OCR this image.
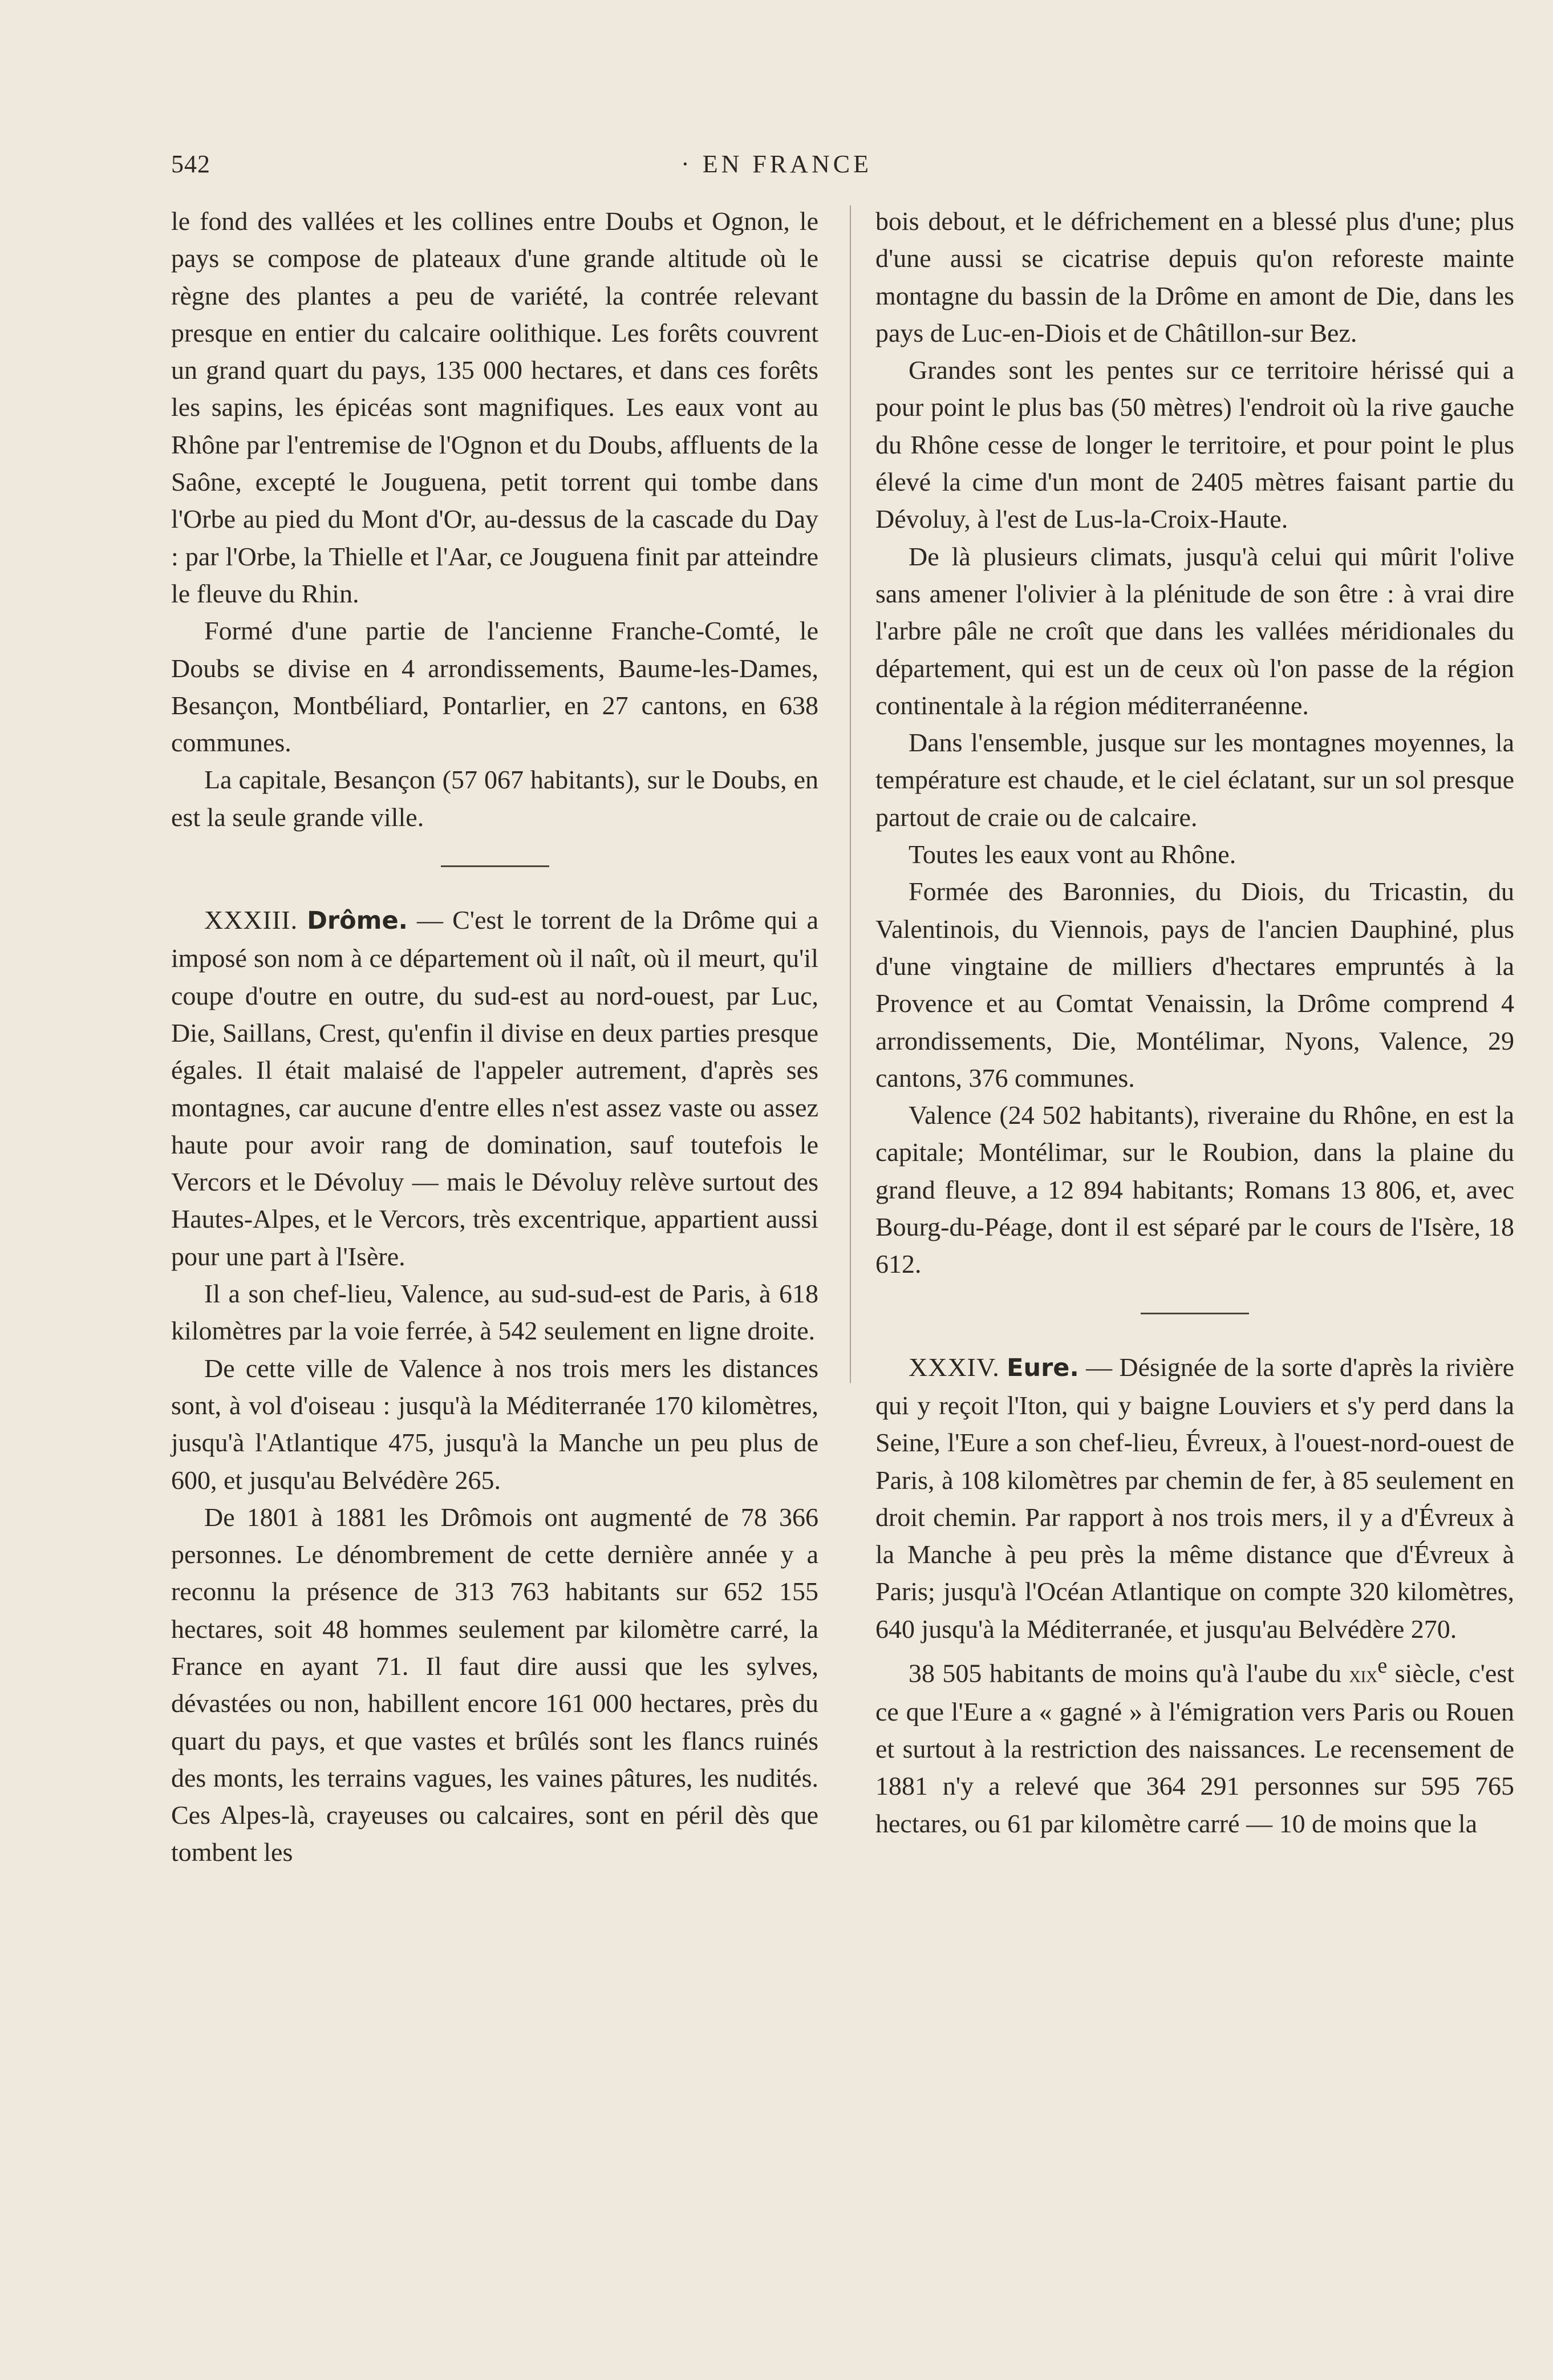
542	· EN FRANCE

le fond des vallées et les collines entre Doubs et Ognon, le pays se compose de plateaux d'une grande altitude où le règne des plantes a peu de variété, la contrée relevant presque en entier du calcaire oolithique. Les forêts couvrent un grand quart du pays, 135 000 hectares, et dans ces forêts les sapins, les épicéas sont magnifiques. Les eaux vont au Rhône par l'entremise de l'Ognon et du Doubs, affluents de la Saône, excepté le Jouguena, petit torrent qui tombe dans l'Orbe au pied du Mont d'Or, au-dessus de la cascade du Day : par l'Orbe, la Thielle et l'Aar, ce Jouguena finit par atteindre le fleuve du Rhin.

Formé d'une partie de l'ancienne Franche-Comté, le Doubs se divise en 4 arrondissements, Baume-les-Dames, Besançon, Montbéliard, Pontarlier, en 27 cantons, en 638 communes.

La capitale, Besançon (57 067 habitants), sur le Doubs, en est la seule grande ville.

XXXIII. Drôme. — C'est le torrent de la Drôme qui a imposé son nom à ce département où il naît, où il meurt, qu'il coupe d'outre en outre, du sud-est au nord-ouest, par Luc, Die, Saillans, Crest, qu'enfin il divise en deux parties presque égales. Il était malaisé de l'appeler autrement, d'après ses montagnes, car aucune d'entre elles n'est assez vaste ou assez haute pour avoir rang de domination, sauf toutefois le Vercors et le Dévoluy — mais le Dévoluy relève surtout des Hautes-Alpes, et le Vercors, très excentrique, appartient aussi pour une part à l'Isère.

Il a son chef-lieu, Valence, au sud-sud-est de Paris, à 618 kilomètres par la voie ferrée, à 542 seulement en ligne droite.

De cette ville de Valence à nos trois mers les distances sont, à vol d'oiseau : jusqu'à la Méditerranée 170 kilomètres, jusqu'à l'Atlantique 475, jusqu'à la Manche un peu plus de 600, et jusqu'au Belvédère 265.

De 1801 à 1881 les Drômois ont augmenté de 78 366 personnes. Le dénombrement de cette dernière année y a reconnu la présence de 313 763 habitants sur 652 155 hectares, soit 48 hommes seulement par kilomètre carré, la France en ayant 71. Il faut dire aussi que les sylves, dévastées ou non, habillent encore 161 000 hectares, près du quart du pays, et que vastes et brûlés sont les flancs ruinés des monts, les terrains vagues, les vaines pâtures, les nudités. Ces Alpes-là, crayeuses ou calcaires, sont en péril dès que tombent les

bois debout, et le défrichement en a blessé plus d'une; plus d'une aussi se cicatrise depuis qu'on reforeste mainte montagne du bassin de la Drôme en amont de Die, dans les pays de Luc-en-Diois et de Châtillon-sur Bez.

Grandes sont les pentes sur ce territoire hérissé qui a pour point le plus bas (50 mètres) l'endroit où la rive gauche du Rhône cesse de longer le territoire, et pour point le plus élevé la cime d'un mont de 2405 mètres faisant partie du Dévoluy, à l'est de Lus-la-Croix-Haute.

De là plusieurs climats, jusqu'à celui qui mûrit l'olive sans amener l'olivier à la plénitude de son être : à vrai dire l'arbre pâle ne croît que dans les vallées méridionales du département, qui est un de ceux où l'on passe de la région continentale à la région méditerranéenne.

Dans l'ensemble, jusque sur les montagnes moyennes, la température est chaude, et le ciel éclatant, sur un sol presque partout de craie ou de calcaire.

Toutes les eaux vont au Rhône.

Formée des Baronnies, du Diois, du Tricastin, du Valentinois, du Viennois, pays de l'ancien Dauphiné, plus d'une vingtaine de milliers d'hectares empruntés à la Provence et au Comtat Venaissin, la Drôme comprend 4 arrondissements, Die, Montélimar, Nyons, Valence, 29 cantons, 376 communes.

Valence (24 502 habitants), riveraine du Rhône, en est la capitale; Montélimar, sur le Roubion, dans la plaine du grand fleuve, a 12 894 habitants; Romans 13 806, et, avec Bourg-du-Péage, dont il est séparé par le cours de l'Isère, 18 612.

XXXIV. Eure. — Désignée de la sorte d'après la rivière qui y reçoit l'Iton, qui y baigne Louviers et s'y perd dans la Seine, l'Eure a son chef-lieu, Évreux, à l'ouest-nord-ouest de Paris, à 108 kilomètres par chemin de fer, à 85 seulement en droit chemin. Par rapport à nos trois mers, il y a d'Évreux à la Manche à peu près la même distance que d'Évreux à Paris; jusqu'à l'Océan Atlantique on compte 320 kilomètres, 640 jusqu'à la Méditerranée, et jusqu'au Belvédère 270.

38 505 habitants de moins qu'à l'aube du xix$^e$ siècle, c'est ce que l'Eure a « gagné » à l'émigration vers Paris ou Rouen et surtout à la restriction des naissances. Le recensement de 1881 n'y a relevé que 364 291 personnes sur 595 765 hectares, ou 61 par kilomètre carré — 10 de moins que la
